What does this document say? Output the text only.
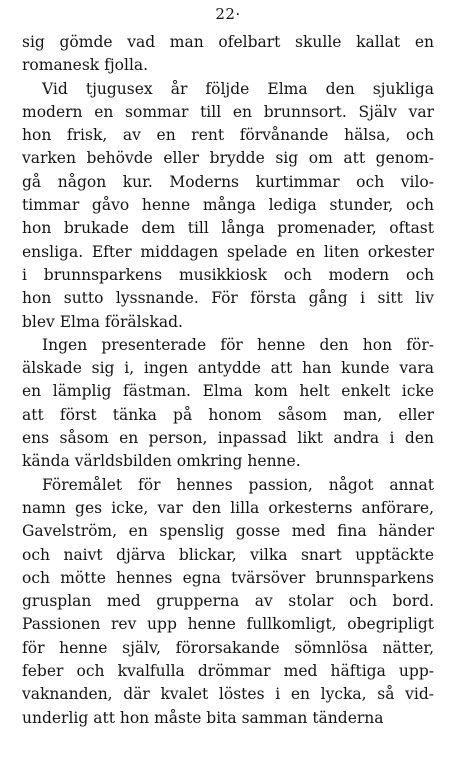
22·
sig gömde vad man ofelbart skulle kallat en
romanesk fjolla.
Vid tjugusex år följde Elma den sjukliga
modern en sommar till en brunnsort. Själv var
hon frisk, av en rent förvånande hälsa, och
varken behövde eller brydde sig om att genom-
gå någon kur. Moderns kurtimmar och vilo-
timmar gåvo henne många lediga stunder, och
hon brukade dem till långa promenader, oftast
ensliga. Efter middagen spelade en liten orkester
i brunnsparkens musikkiosk och modern och
hon sutto lyssnande. För första gång i sitt liv
blev Elma förälskad.
Ingen presenterade för henne den hon för-
älskade sig i, ingen antydde att han kunde vara
en lämplig fästman. Elma kom helt enkelt icke
att först tänka på honom såsom man, eller
ens såsom en person, inpassad likt andra i den
kända världsbilden omkring henne.
Föremålet för hennes passion, något annat
namn ges icke, var den lilla orkesterns anförare,
Gavelström, en spenslig gosse med fina händer
och naivt djärva blickar, vilka snart upptäckte
och mötte hennes egna tvärsöver brunnsparkens
grusplan med grupperna av stolar och bord.
Passionen rev upp henne fullkomligt, obegripligt
för henne själv, förorsakande sömnlösa nätter,
feber och kvalfulla drömmar med häftiga upp-
vaknanden, där kvalet löstes i en lycka, så vid-
underlig att hon måste bita samman tänderna
